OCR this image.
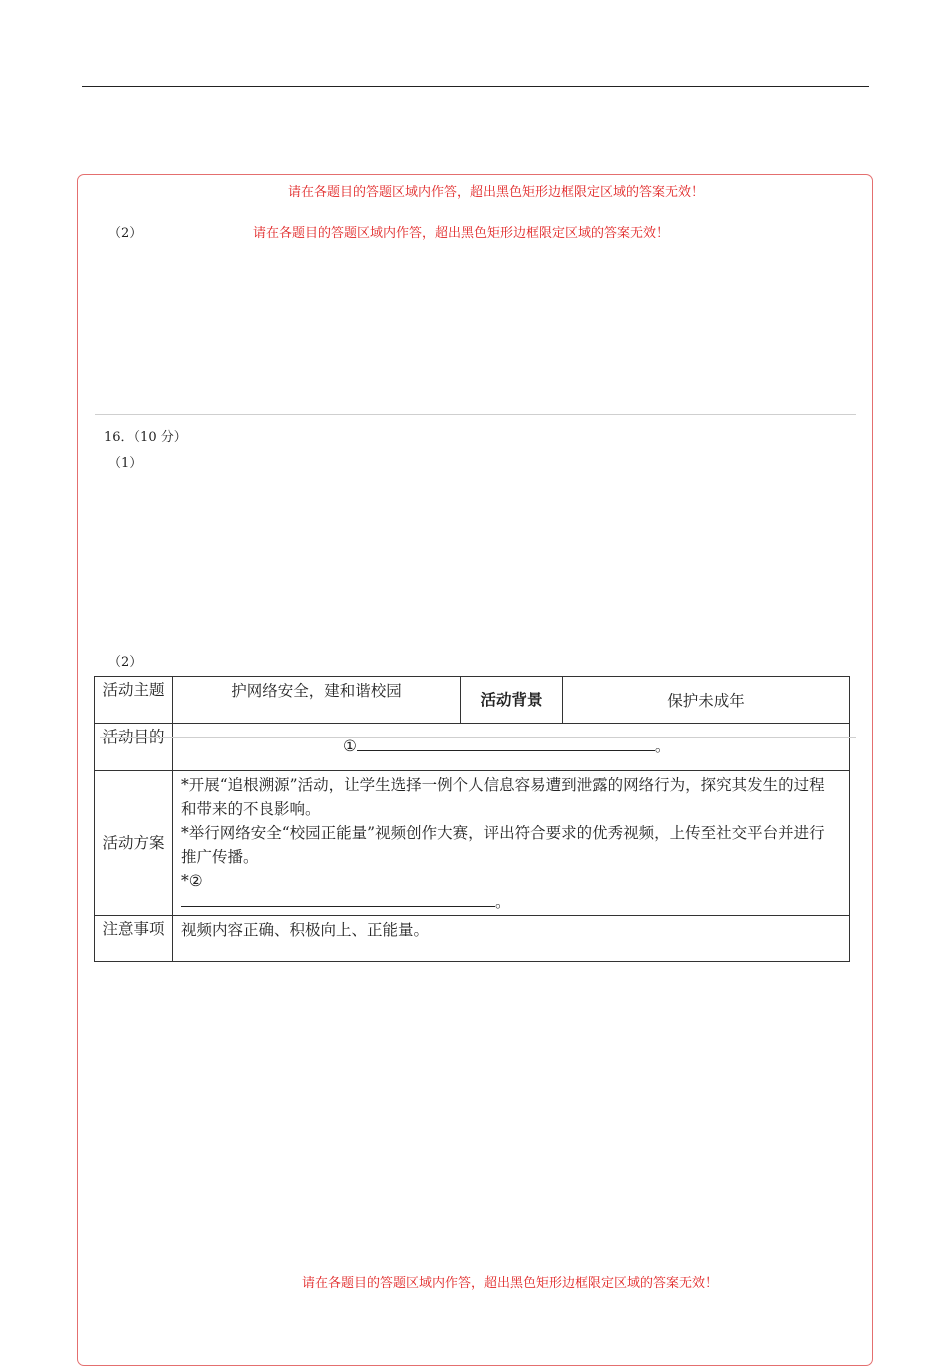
请在各题目的答题区域内作答，超出黑色矩形边框限定区域的答案无效！
（2）	请在各题目的答题区域内作答，超出黑色矩形边框限定区域的答案无效！
16．（10 分）
（1）
（2）
活动主题	护网络安全，建和谐校园	活动背景	保护未成年
活动目的	① 。		
活动方案	*开展“追根溯源”活动，让学生选择一例个人信息容易遭到泄露的网络行为，探究其发生的过程和带来的不良影响。
*举行网络安全“校园正能量”视频创作大赛，评出符合要求的优秀视频，上传至社交平台并进行推广传播。
*②
。		

注意事项	视频内容正确、积极向上、正能量。		
请在各题目的答题区域内作答，超出黑色矩形边框限定区域的答案无效！
